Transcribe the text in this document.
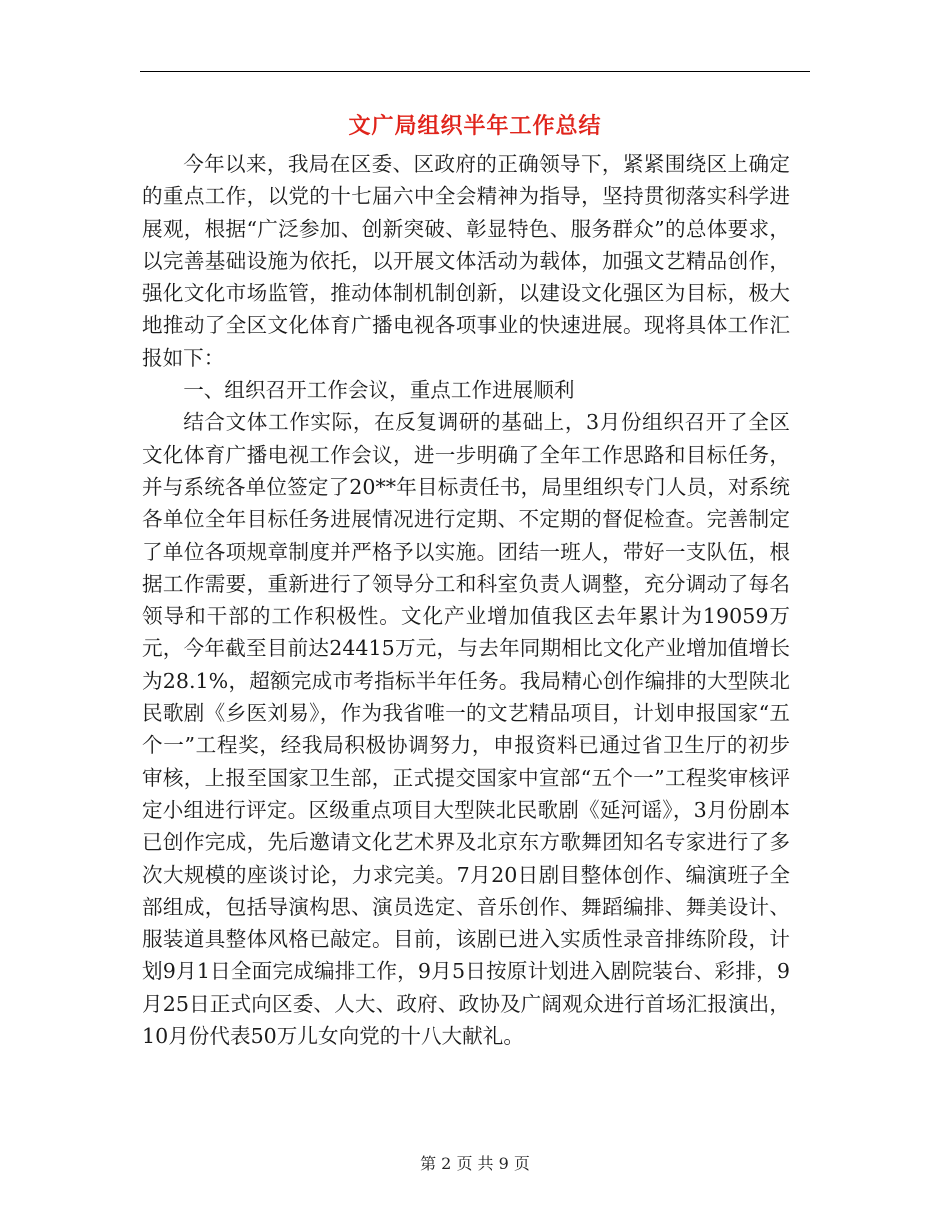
文广局组织半年工作总结

今年以来，我局在区委、区政府的正确领导下，紧紧围绕区上确定的重点工作，以党的十七届六中全会精神为指导，坚持贯彻落实科学进展观，根据“广泛参加、创新突破、彰显特色、服务群众”的总体要求，以完善基础设施为依托，以开展文体活动为载体，加强文艺精品创作，强化文化市场监管，推动体制机制创新，以建设文化强区为目标，极大地推动了全区文化体育广播电视各项事业的快速进展。现将具体工作汇报如下：

一、组织召开工作会议，重点工作进展顺利

结合文体工作实际，在反复调研的基础上，3月份组织召开了全区文化体育广播电视工作会议，进一步明确了全年工作思路和目标任务，并与系统各单位签定了20**年目标责任书，局里组织专门人员，对系统各单位全年目标任务进展情况进行定期、不定期的督促检查。完善制定了单位各项规章制度并严格予以实施。团结一班人，带好一支队伍，根据工作需要，重新进行了领导分工和科室负责人调整，充分调动了每名领导和干部的工作积极性。文化产业增加值我区去年累计为19059万元，今年截至目前达24415万元，与去年同期相比文化产业增加值增长为28.1%，超额完成市考指标半年任务。我局精心创作编排的大型陕北民歌剧《乡医刘易》，作为我省唯一的文艺精品项目，计划申报国家“五个一”工程奖，经我局积极协调努力，申报资料已通过省卫生厅的初步审核，上报至国家卫生部，正式提交国家中宣部“五个一”工程奖审核评定小组进行评定。区级重点项目大型陕北民歌剧《延河谣》，3月份剧本已创作完成，先后邀请文化艺术界及北京东方歌舞团知名专家进行了多次大规模的座谈讨论，力求完美。7月20日剧目整体创作、编演班子全部组成，包括导演构思、演员选定、音乐创作、舞蹈编排、舞美设计、服装道具整体风格已敲定。目前，该剧已进入实质性录音排练阶段，计划9月1日全面完成编排工作，9月5日按原计划进入剧院装台、彩排，9月25日正式向区委、人大、政府、政协及广阔观众进行首场汇报演出，10月份代表50万儿女向党的十八大献礼。

第 2 页 共 9 页
